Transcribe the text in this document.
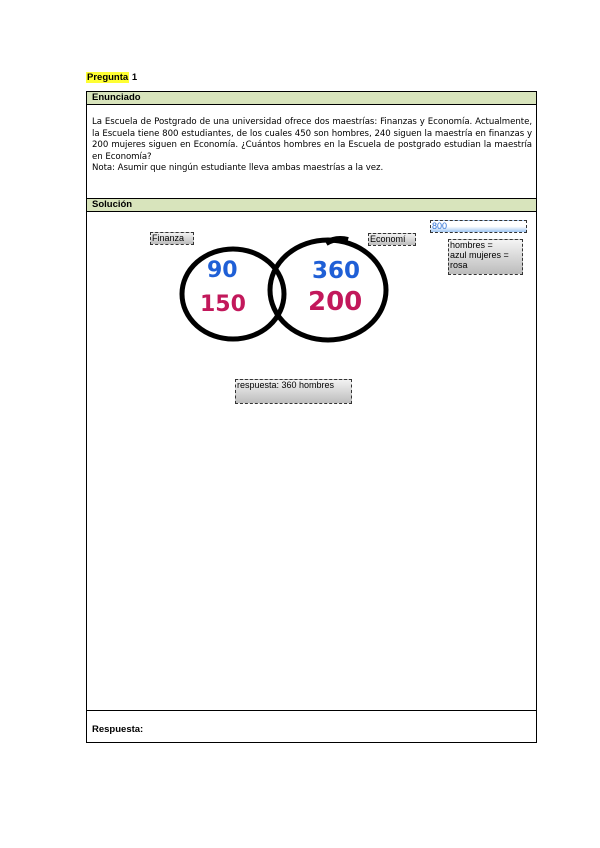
Pregunta 1
Enunciado

La Escuela de Postgrado de una universidad ofrece dos maestrías: Finanzas y Economía. Actualmente, la Escuela tiene 800 estudiantes, de los cuales 450 son hombres, 240 siguen la maestría en finanzas y 200 mujeres siguen en Economía. ¿Cuántos hombres en la Escuela de postgrado estudian la maestría en Economía?

Nota: Asumir que ningún estudiante lleva ambas maestrías a la vez.

Solución
Respuesta:
90
150
360
200
Finanza	Economí
800
hombres =
azul mujeres =
rosa
respuesta: 360 hombres
